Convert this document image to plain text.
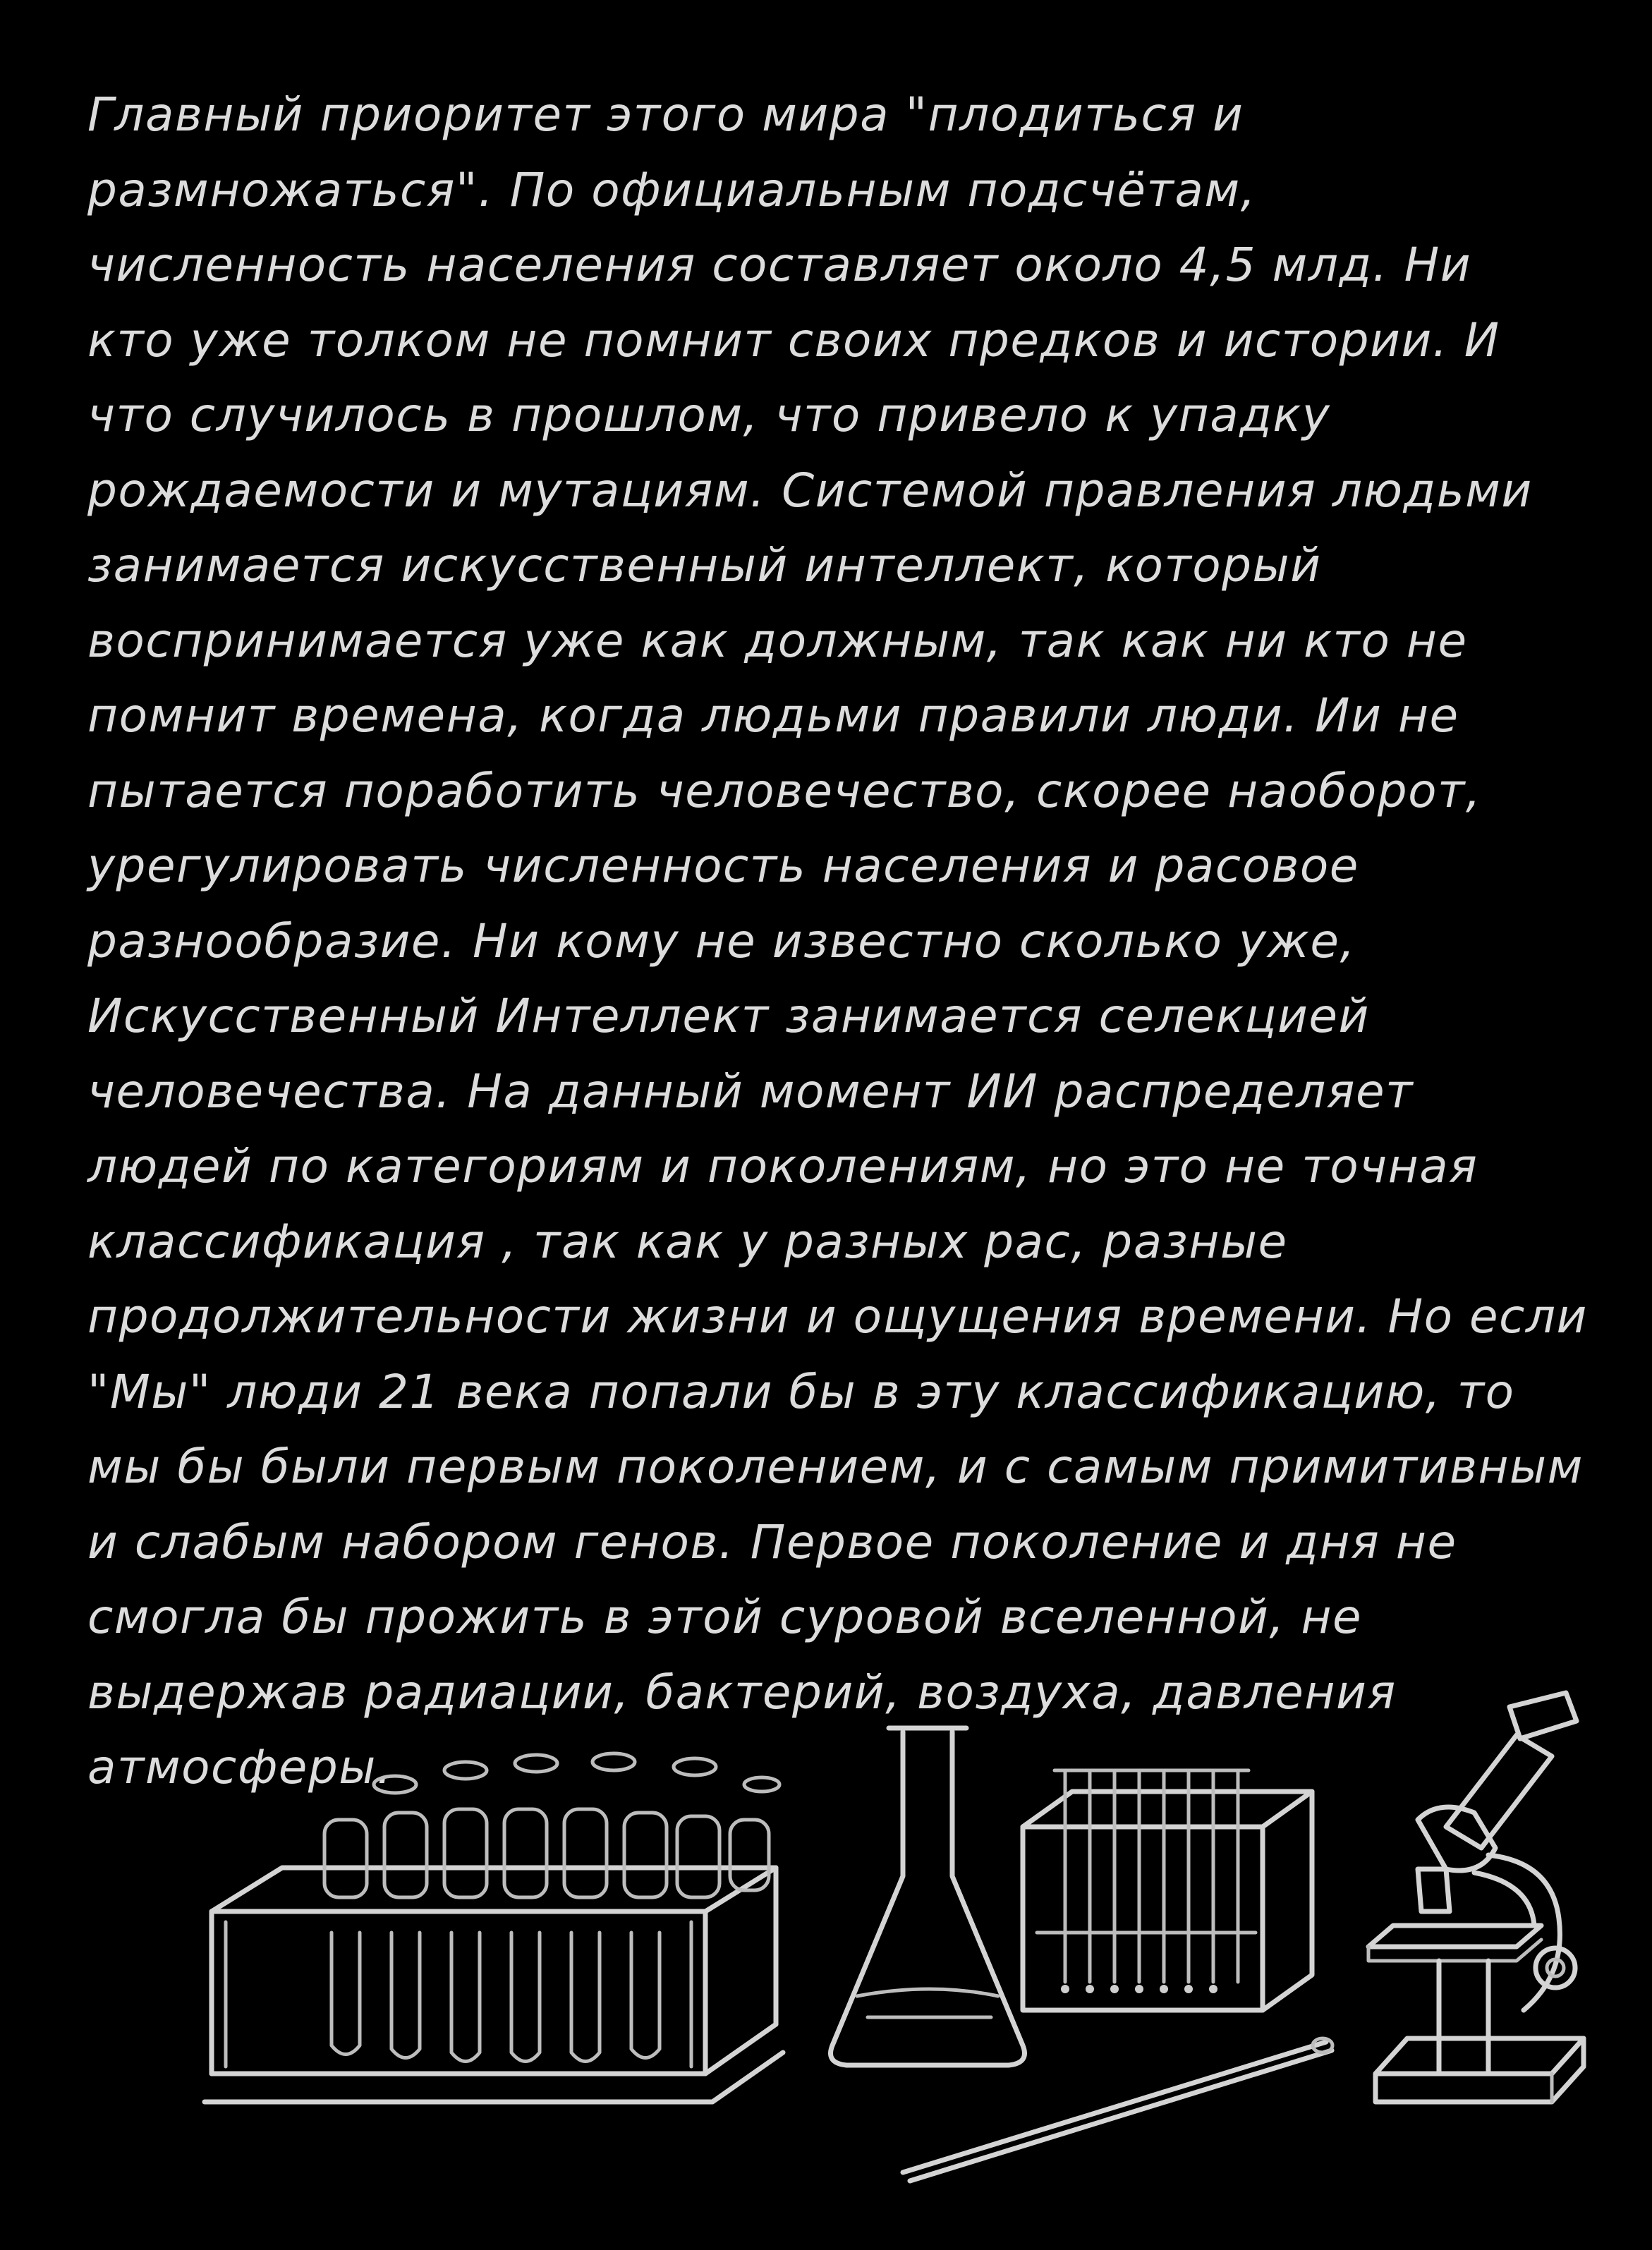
Главный приоритет этого мира "плодиться и
размножаться". По официальным подсчётам,
численность населения составляет около 4,5 млд. Ни
кто уже толком не помнит своих предков и истории. И
что случилось в прошлом, что привело к упадку
рождаемости и мутациям. Системой правления людьми
занимается искусственный интеллект, который
воспринимается уже как должным, так как ни кто не
помнит времена, когда людьми правили люди. Ии не
пытается поработить человечество, скорее наоборот,
урегулировать численность населения и расовое
разнообразие. Ни кому не известно сколько уже,
Искусственный Интеллект занимается селекцией
человечества. На данный момент ИИ распределяет
людей по категориям и поколениям, но это не точная
классификация , так как у разных рас, разные
продолжительности жизни и ощущения времени. Но если
"Мы" люди 21 века попали бы в эту классификацию, то
мы бы были первым поколением, и с самым примитивным
и слабым набором генов. Первое поколение и дня не
смогла бы прожить в этой суровой вселенной, не
выдержав радиации, бактерий, воздуха, давления
атмосферы.
